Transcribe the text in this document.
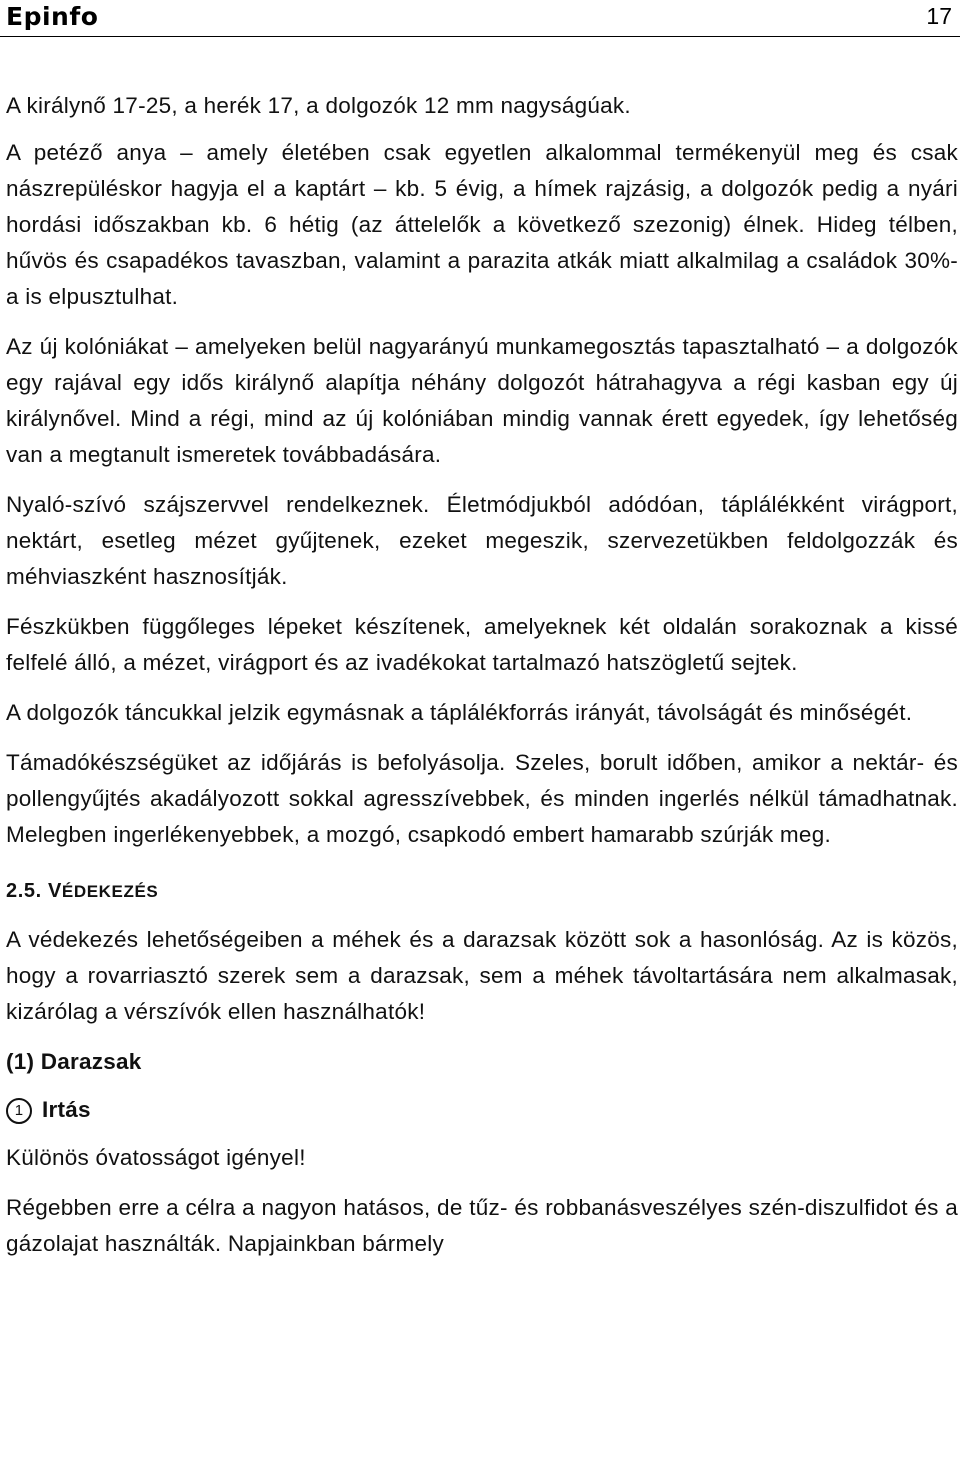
Epinfo	17

A királynő 17-25, a herék 17, a dolgozók 12 mm nagyságúak.

A petéző anya – amely életében csak egyetlen alkalommal termékenyül meg és csak nászrepüléskor hagyja el a kaptárt – kb. 5 évig, a hímek rajzásig, a dolgozók pedig a nyári hordási időszakban kb. 6 hétig (az áttelelők a következő szezonig) élnek. Hideg télben, hűvös és csapadékos tavaszban, valamint a parazita atkák miatt alkalmilag a családok 30%-a is elpusztulhat.

Az új kolóniákat – amelyeken belül nagyarányú munkamegosztás tapasztalható – a dolgozók egy rajával egy idős királynő alapítja néhány dolgozót hátrahagyva a régi kasban egy új királynővel. Mind a régi, mind az új kolóniában mindig vannak érett egyedek, így lehetőség van a megtanult ismeretek továbbadására.

Nyaló-szívó szájszervvel rendelkeznek. Életmódjukból adódóan, táplálékként virágport, nektárt, esetleg mézet gyűjtenek, ezeket megeszik, szervezetükben feldolgozzák és méhviaszként hasznosítják.

Fészkükben függőleges lépeket készítenek, amelyeknek két oldalán sorakoznak a kissé felfelé álló, a mézet, virágport és az ivadékokat tartalmazó hatszögletű sejtek.

A dolgozók táncukkal jelzik egymásnak a táplálékforrás irányát, távolságát és minőségét.

Támadókészségüket az időjárás is befolyásolja. Szeles, borult időben, amikor a nektár- és pollengyűjtés akadályozott sokkal agresszívebbek, és minden ingerlés nélkül támadhatnak. Melegben ingerlékenyebbek, a mozgó, csapkodó embert hamarabb szúrják meg.

2.5. VÉDEKEZÉS

A védekezés lehetőségeiben a méhek és a darazsak között sok a hasonlóság. Az is közös, hogy a rovarriasztó szerek sem a darazsak, sem a méhek távoltartására nem alkalmasak, kizárólag a vérszívók ellen használhatók!

(1) Darazsak
1 Irtás

Különös óvatosságot igényel!

Régebben erre a célra a nagyon hatásos, de tűz- és robbanásveszélyes szén-diszulfidot és a gázolajat használták. Napjainkban bármely
